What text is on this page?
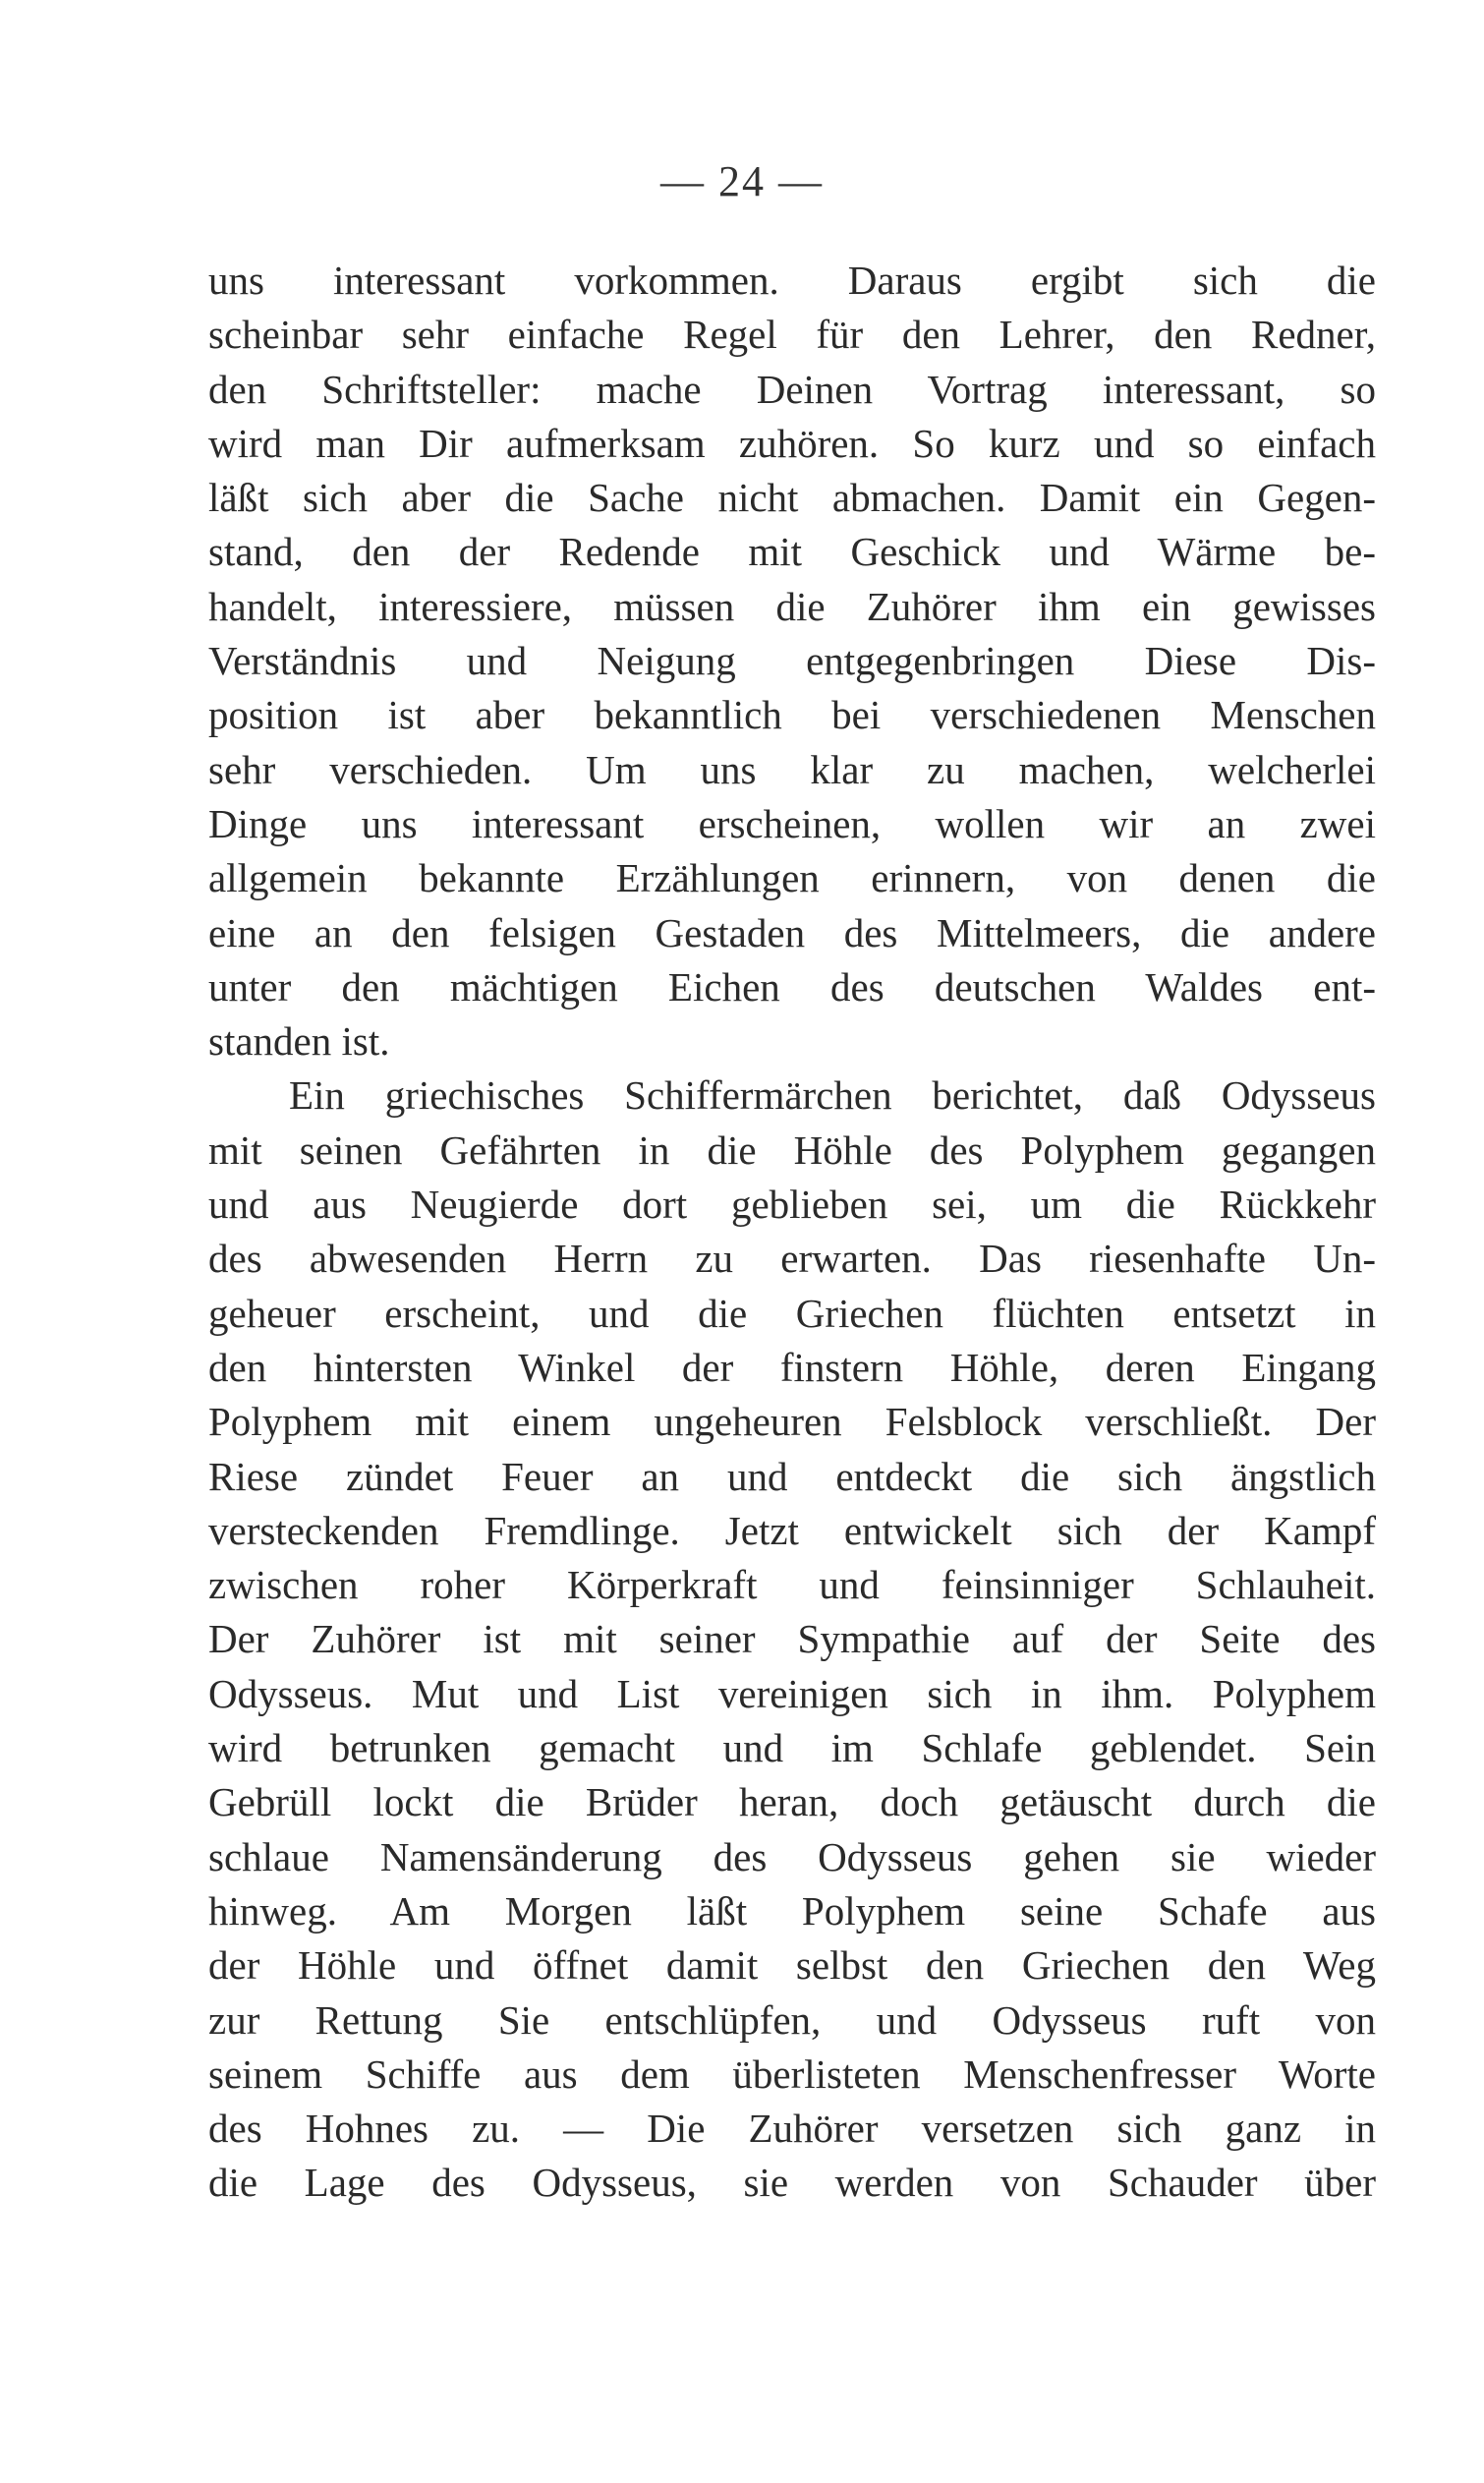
— 24 —
uns interessant vorkommen. Daraus ergibt sich die
scheinbar sehr einfache Regel für den Lehrer, den Redner,
den Schriftsteller: mache Deinen Vortrag interessant, so
wird man Dir aufmerksam zuhören. So kurz und so einfach
läßt sich aber die Sache nicht abmachen. Damit ein Gegen-
stand, den der Redende mit Geschick und Wärme be-
handelt, interessiere, müssen die Zuhörer ihm ein gewisses
Verständnis und Neigung entgegenbringen Diese Dis-
position ist aber bekanntlich bei verschiedenen Menschen
sehr verschieden. Um uns klar zu machen, welcherlei
Dinge uns interessant erscheinen, wollen wir an zwei
allgemein bekannte Erzählungen erinnern, von denen die
eine an den felsigen Gestaden des Mittelmeers, die andere
unter den mächtigen Eichen des deutschen Waldes ent-
standen ist.
Ein griechisches Schiffermärchen berichtet, daß Odysseus
mit seinen Gefährten in die Höhle des Polyphem gegangen
und aus Neugierde dort geblieben sei, um die Rückkehr
des abwesenden Herrn zu erwarten. Das riesenhafte Un-
geheuer erscheint, und die Griechen flüchten entsetzt in
den hintersten Winkel der finstern Höhle, deren Eingang
Polyphem mit einem ungeheuren Felsblock verschließt. Der
Riese zündet Feuer an und entdeckt die sich ängstlich
versteckenden Fremdlinge. Jetzt entwickelt sich der Kampf
zwischen roher Körperkraft und feinsinniger Schlauheit.
Der Zuhörer ist mit seiner Sympathie auf der Seite des
Odysseus. Mut und List vereinigen sich in ihm. Polyphem
wird betrunken gemacht und im Schlafe geblendet. Sein
Gebrüll lockt die Brüder heran, doch getäuscht durch die
schlaue Namensänderung des Odysseus gehen sie wieder
hinweg. Am Morgen läßt Polyphem seine Schafe aus
der Höhle und öffnet damit selbst den Griechen den Weg
zur Rettung Sie entschlüpfen, und Odysseus ruft von
seinem Schiffe aus dem überlisteten Menschenfresser Worte
des Hohnes zu. — Die Zuhörer versetzen sich ganz in
die Lage des Odysseus, sie werden von Schauder über
